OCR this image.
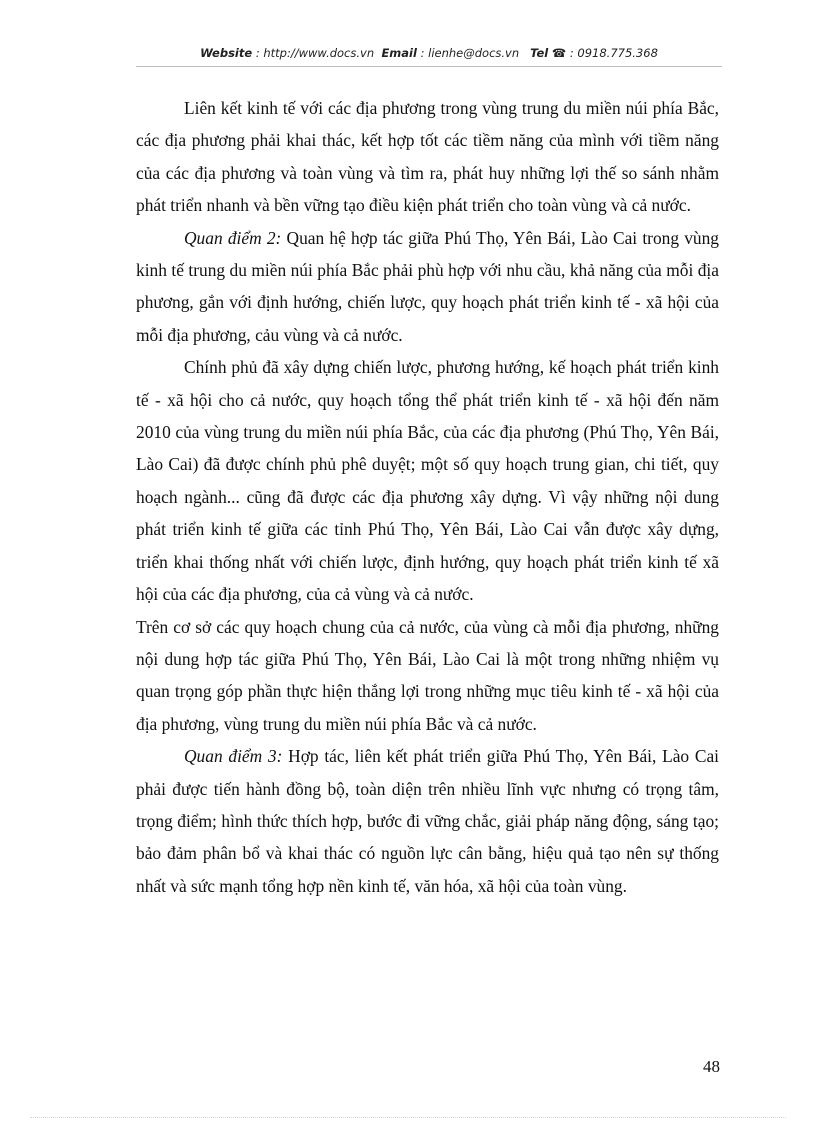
Website : http://www.docs.vn Email : lienhe@docs.vn Tel ☎ : 0918.775.368

Liên kết kinh tế với các địa phương trong vùng trung du miền núi phía Bắc, các địa phương phải khai thác, kết hợp tốt các tiềm năng của mình với tiềm năng của các địa phương và toàn vùng và tìm ra, phát huy những lợi thế so sánh nhằm phát triển nhanh và bền vững tạo điều kiện phát triển cho toàn vùng và cả nước.

Quan điểm 2: Quan hệ hợp tác giữa Phú Thọ, Yên Bái, Lào Cai trong vùng kinh tế trung du miền núi phía Bắc phải phù hợp với nhu cầu, khả năng của mỗi địa phương, gắn với định hướng, chiến lược, quy hoạch phát triển kinh tế - xã hội của mỗi địa phương, cảu vùng và cả nước.

Chính phủ đã xây dựng chiến lược, phương hướng, kế hoạch phát triển kinh tế - xã hội cho cả nước, quy hoạch tổng thể phát triển kinh tế - xã hội đến năm 2010 của vùng trung du miền núi phía Bắc, của các địa phương (Phú Thọ, Yên Bái, Lào Cai) đã được chính phủ phê duyệt; một số quy hoạch trung gian, chi tiết, quy hoạch ngành... cũng đã được các địa phương xây dựng. Vì vậy những nội dung phát triển kinh tế giữa các tỉnh Phú Thọ, Yên Bái, Lào Cai vẫn được xây dựng, triển khai thống nhất với chiến lược, định hướng, quy hoạch phát triển kinh tế xã hội của các địa phương, của cả vùng và cả nước.

Trên cơ sở các quy hoạch chung của cả nước, của vùng cà mỗi địa phương, những nội dung hợp tác giữa Phú Thọ, Yên Bái, Lào Cai là một trong những nhiệm vụ quan trọng góp phần thực hiện thắng lợi trong những mục tiêu kinh tế - xã hội của địa phương, vùng trung du miền núi phía Bắc và cả nước.

Quan điểm 3: Hợp tác, liên kết phát triển giữa Phú Thọ, Yên Bái, Lào Cai phải được tiến hành đồng bộ, toàn diện trên nhiều lĩnh vực nhưng có trọng tâm, trọng điểm; hình thức thích hợp, bước đi vững chắc, giải pháp năng động, sáng tạo; bảo đảm phân bổ và khai thác có nguồn lực cân bằng, hiệu quả tạo nên sự thống nhất và sức mạnh tổng hợp nền kinh tế, văn hóa, xã hội của toàn vùng.

48
